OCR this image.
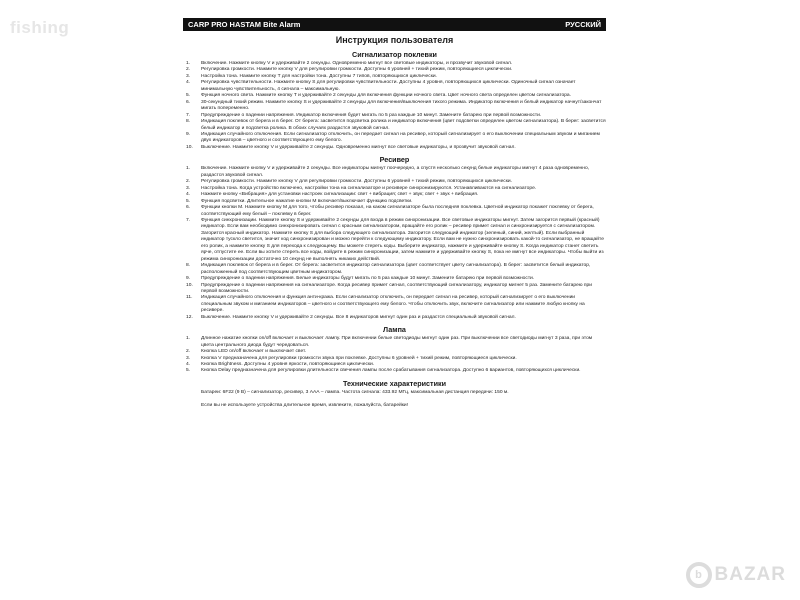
fishing	CARP PRO HASTAM Bite Alarm	РУССКИЙ
Инструкция пользователя
Сигнализатор поклевки
1.	Включение. Нажмите кнопку V и удерживайте 2 секунды. Одновременно мигнут все световые индикаторы, и прозвучит звуковой сигнал.
2.	Регулировка громкости. Нажмите кнопку V для регулировки громкости. Доступны 6 уровней + тихий режим, повторяющиеся циклически.
3.	Настройка тона. Нажмите кнопку T для настройки тона. Доступны 7 типов, повторяющихся циклически.
4.	Регулировка чувствительности. Нажмите кнопку S для регулировки чувствительности. Доступны 4 уровня, повторяющихся циклически. Одиночный сигнал означает минимальную чувствительность, 4 сигнала – максимальную.
5.	Функция ночного света. Нажмите кнопку T и удерживайте 2 секунды для включения функции ночного света. Цвет ночного света определен цветом сигнализатора.
6.	30-секундный тихий режим. Нажмите кнопку S и удерживайте 2 секунды для включения/выключения тихого режима. Индикатор включения и белый индикатор начнут/закончат мигать попеременно.
7.	Предупреждение о падении напряжения. Индикатор включения будет мигать по 5 раз каждые 10 минут. Замените батарею при первой возможности.
8.	Индикация поклевок от берега и в берег. От берега: засветится подсветка ролика и индикатор включения (цвет подсветки определен цветом сигнализатора). В берег: засветится белый индикатор и подсветка ролика. В обоих случаях раздастся звуковой сигнал.
9.	Индикация случайного отключения. Если сигнализатор отключить, он передает сигнал на ресивер, который сигнализирует о его выключении специальным звуком и миганием двух индикаторов – цветного и соответствующего ему белого.
10.	Выключение. Нажмите кнопку V и удерживайте 2 секунды. Одновременно мигнут все световые индикаторы, и прозвучит звуковой сигнал.
Ресивер
1.	Включение. Нажмите кнопку V и удерживайте 2 секунды. Все индикаторы мигнут поочередно, а спустя несколько секунд белые индикаторы мигнут 4 раза одновременно, раздастся звуковой сигнал.
2.	Регулировка громкости. Нажмите кнопку V для регулировки громкости. Доступны 6 уровней + тихий режим, повторяющихся циклически.
3.	Настройка тона. Когда устройство включено, настройки тона на сигнализаторе и ресивере синхронизируются. Устанавливаются на сигнализаторе.
4.	Нажмите кнопку «Вибрация» для установки настроек сигнализации: свет + вибрация; свет + звук; свет + звук + вибрация.
5.	Функция подсветки. Длительное нажатие кнопки M включает/выключает функцию подсветки.
6.	Функции кнопки M. Нажмите кнопку M для того, чтобы ресивер показал, на каком сигнализаторе была последняя поклевка. Цветной индикатор покажет поклевку от берега, соответствующий ему белый – поклевку в берег.
7.	Функция синхронизации. Нажмите кнопку S и удерживайте 2 секунды для входа в режим синхронизации. Все световые индикаторы мигнут. Затем загорится первый (красный) индикатор. Если вам необходимо синхронизировать сигнал с красным сигнализатором, вращайте его ролик – ресивер примет сигнал и синхронизируется с сигнализатором. Загорится красный индикатор. Нажмите кнопку S для выбора следующего сигнализатора. Загорится следующий индикатор (зеленый, синий, желтый). Если выбранный индикатор тускло светится, значит код синхронизирован и можно перейти к следующему индикатору. Если вам не нужно синхронизировать какой-то сигнализатор, не вращайте его ролик, а нажмите кнопку S для перехода к следующему. Вы можете стереть коды. Выберите индикатор, нажмите и удерживайте кнопку S. Когда индикатор станет светить ярче, отпустите ее. Если вы хотите стереть все коды, войдите в режим синхронизации, затем нажмите и удерживайте кнопку S, пока не мигнут все индикаторы. Чтобы выйти из режима синхронизации достаточно 10 секунд не выполнять никаких действий.
8.	Индикация поклевок от берега и в берег. От берега: засветится индикатор сигнализатора (цвет соответствует цвету сигнализатора). В берег: засветится белый индикатор, расположенный под соответствующим цветным индикатором.
9.	Предупреждение о падении напряжения. Белые индикаторы будут мигать по 5 раз каждые 10 минут. Замените батарею при первой возможности.
10.	Предупреждение о падении напряжения на сигнализаторе. Когда ресивер примет сигнал, соответствующий сигнализатору, индикатор мигнет 5 раз. Замените батарею при первой возможности.
11.	Индикация случайного отключения и функция анти-кража. Если сигнализатор отключить, он передает сигнал на ресивер, который сигнализирует о его выключении специальным звуком и миганием индикаторов – цветного и соответствующего ему белого. Чтобы отключить звук, включите сигнализатор или нажмите любую кнопку на ресивере.
12.	Выключение. Нажмите кнопку V и удерживайте 2 секунды. Все 8 индикаторов мигнут один раз и раздастся специальный звуковой сигнал.
Лампа
1.	Длинное нажатие кнопки on/off включает и выключает лампу. При включении белые светодиоды мигнут один раз. При выключении все светодиоды мигнут 3 раза, при этом цвета центрального диода будут чередоваться.
2.	Кнопка LED on/off включает и выключает свет.
3.	Кнопка V предназначена для регулировки громкости звука при поклевке. Доступны 6 уровней + тихий режим, повторяющиеся циклически.
4.	Кнопка Brightness. Доступны 4 уровня яркости, повторяющиеся циклически.
5.	Кнопка Delay предназначена для регулировки длительности свечения лампы после срабатывания сигнализатора. Доступно 6 вариантов, повторяющихся циклически.
Технические характеристики

Батареи: 6F22 (9 В) – сигнализатор, ресивер, 3 ААА – лампа. Частота сигнала: 433.92 МГц, максимальная дистанция передачи: 150 м.

Если вы не используете устройства длительное время, извлеките, пожалуйста, батарейки!

b BAZAR
